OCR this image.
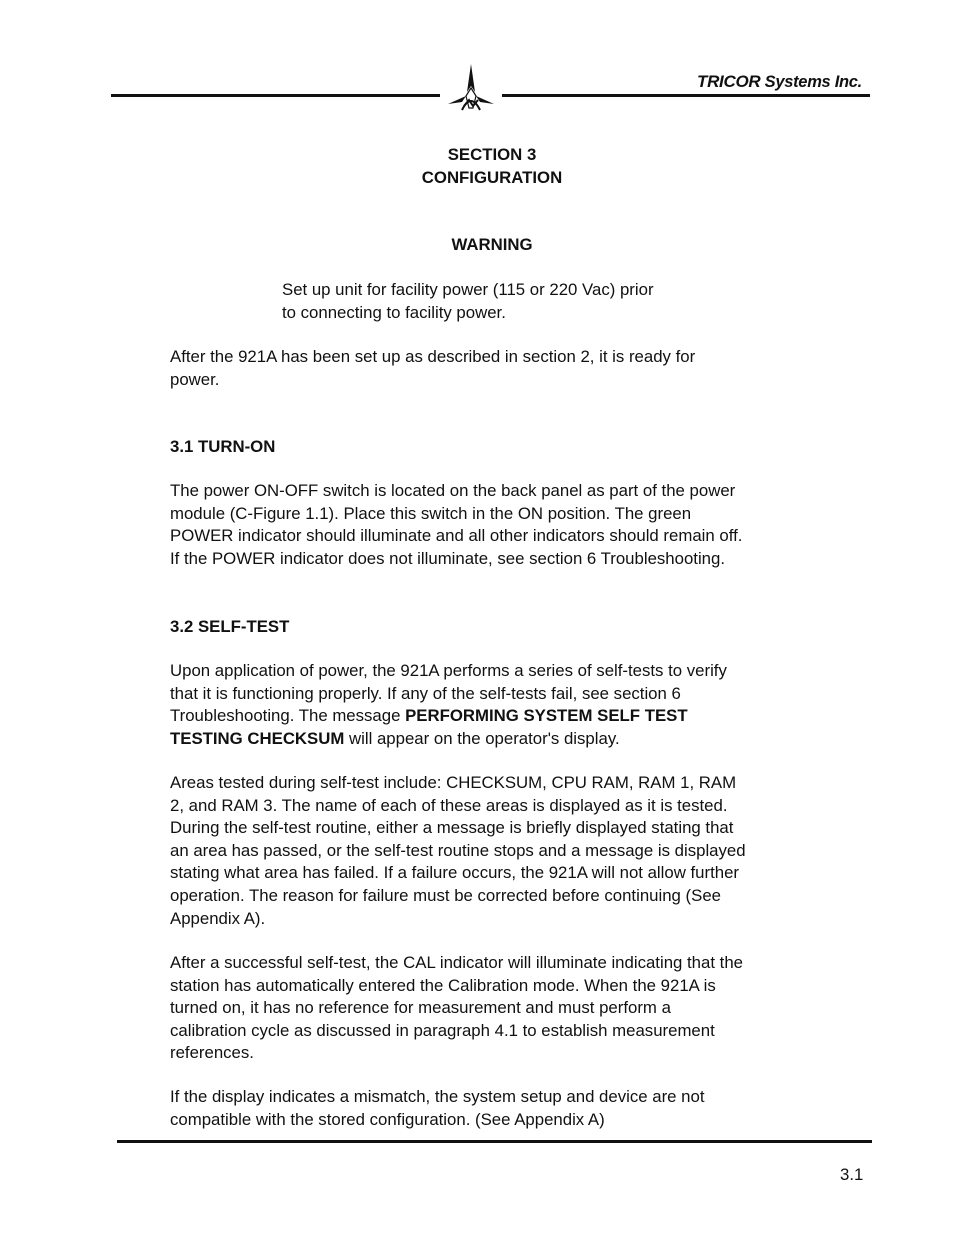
TRICOR Systems Inc.
SECTION 3
CONFIGURATION
WARNING
Set up unit for facility power (115 or 220 Vac) prior
to connecting to facility power.
After the 921A has been set up as described in section 2, it is ready for
power.
3.1 TURN-ON
The power ON-OFF switch is located on the back panel as part of the power
module (C-Figure 1.1). Place this switch in the ON position. The green
POWER indicator should illuminate and all other indicators should remain off.
If the POWER indicator does not illuminate, see section 6 Troubleshooting.
3.2 SELF-TEST
Upon application of power, the 921A performs a series of self-tests to verify
that it is functioning properly. If any of the self-tests fail, see section 6
Troubleshooting. The message PERFORMING SYSTEM SELF TEST
TESTING CHECKSUM will appear on the operator's display.
Areas tested during self-test include: CHECKSUM, CPU RAM, RAM 1, RAM
2, and RAM 3. The name of each of these areas is displayed as it is tested.
During the self-test routine, either a message is briefly displayed stating that
an area has passed, or the self-test routine stops and a message is displayed
stating what area has failed. If a failure occurs, the 921A will not allow further
operation. The reason for failure must be corrected before continuing (See
Appendix A).
After a successful self-test, the CAL indicator will illuminate indicating that the
station has automatically entered the Calibration mode. When the 921A is
turned on, it has no reference for measurement and must perform a
calibration cycle as discussed in paragraph 4.1 to establish measurement
references.
If the display indicates a mismatch, the system setup and device are not
compatible with the stored configuration. (See Appendix A)
3.1
